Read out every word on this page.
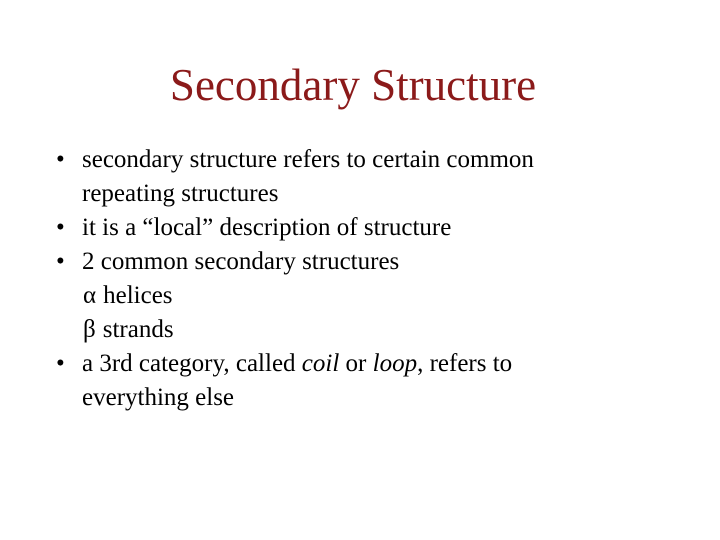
Secondary Structure
• secondary structure refers to certain common
repeating structures
• it is a “local” description of structure
• 2 common secondary structures
α helices
β strands
• a 3rd category, called coil or loop, refers to
everything else
